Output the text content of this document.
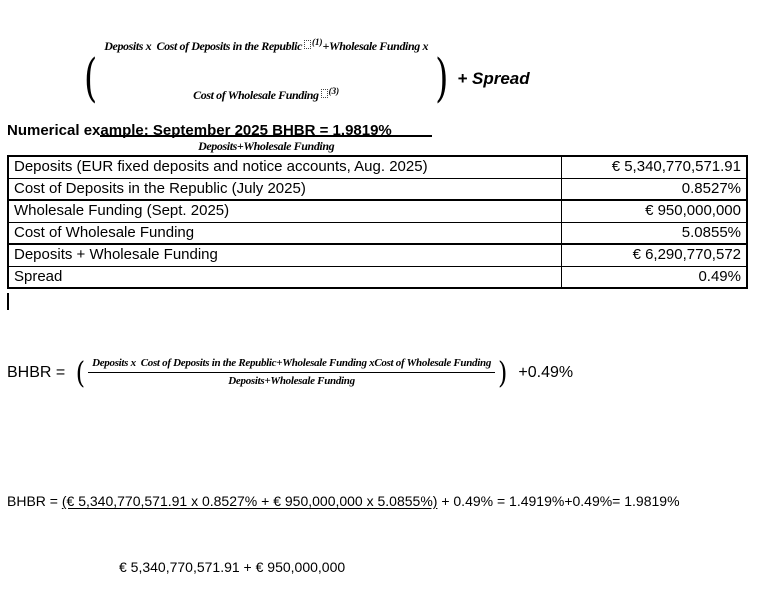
(

Deposits x  Cost of Deposits in the Republic $^{(1)}$+Wholesale Funding x

Cost of Wholesale Funding $^{(3)}$

Deposits+Wholesale Funding
) + Spread
Numerical example: September 2025 BHBR = 1.9819%
Deposits (EUR fixed deposits and notice accounts, Aug. 2025)	€ 5,340,770,571.91
Cost of Deposits in the Republic (July 2025)	0.8527%
Wholesale Funding (Sept. 2025)	€ 950,000,000
Cost of Wholesale Funding	5.0855%
Deposits + Wholesale Funding	€ 6,290,770,572
Spread	0.49%
BHBR = ( Deposits x  Cost of Deposits in the Republic+Wholesale Funding xCost of Wholesale Funding
Deposits+Wholesale Funding	) +0.49%

BHBR = (€ 5,340,770,571.91 x 0.8527% + € 950,000,000 x 5.0855%) + 0.49% = 1.4919%+0.49%= 1.9819%

€ 5,340,770,571.91 + € 950,000,000
